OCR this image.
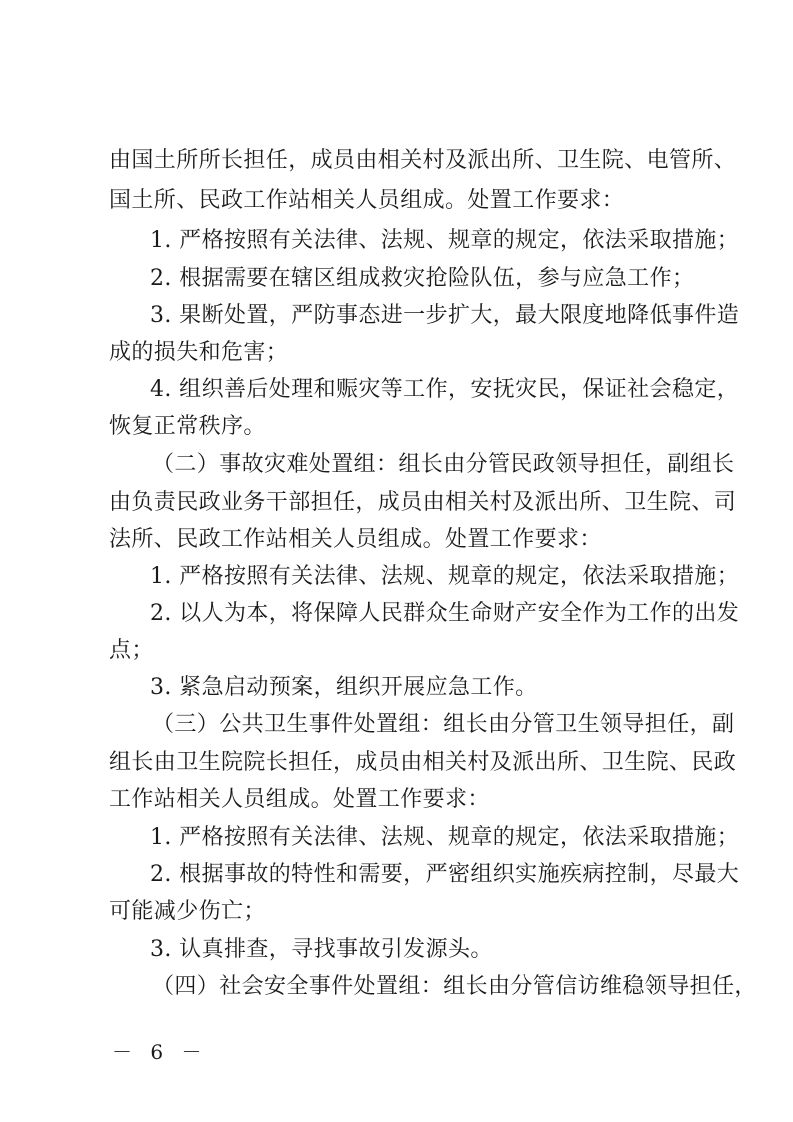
由国土所所长担任，成员由相关村及派出所、卫生院、电管所、
国土所、民政工作站相关人员组成。处置工作要求：
1. 严格按照有关法律、法规、规章的规定，依法采取措施；
2. 根据需要在辖区组成救灾抢险队伍，参与应急工作；
3. 果断处置，严防事态进一步扩大，最大限度地降低事件造
成的损失和危害；
4. 组织善后处理和赈灾等工作，安抚灾民，保证社会稳定，
恢复正常秩序。
（二）事故灾难处置组：组长由分管民政领导担任，副组长
由负责民政业务干部担任，成员由相关村及派出所、卫生院、司
法所、民政工作站相关人员组成。处置工作要求：
1. 严格按照有关法律、法规、规章的规定，依法采取措施；
2. 以人为本，将保障人民群众生命财产安全作为工作的出发
点；
3. 紧急启动预案，组织开展应急工作。
（三）公共卫生事件处置组：组长由分管卫生领导担任，副
组长由卫生院院长担任，成员由相关村及派出所、卫生院、民政
工作站相关人员组成。处置工作要求：
1. 严格按照有关法律、法规、规章的规定，依法采取措施；
2. 根据事故的特性和需要，严密组织实施疾病控制，尽最大
可能减少伤亡；
3. 认真排查，寻找事故引发源头。
（四）社会安全事件处置组：组长由分管信访维稳领导担任，
－ 6 －
